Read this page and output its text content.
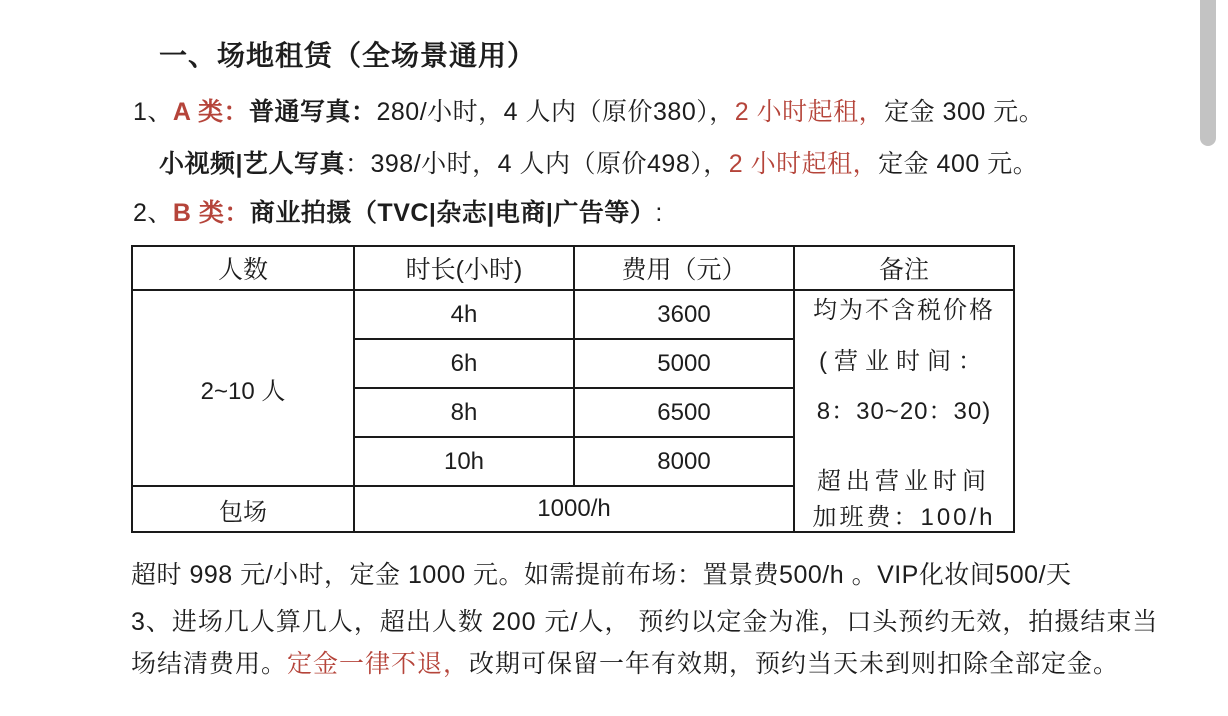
一、场地租赁（全场景通用）
1、A 类：普通写真：280/小时，4 人内（原价380），2 小时起租，定金 300 元。
小视频|艺人写真：398/小时，4 人内（原价498），2 小时起租，定金 400 元。
2、B 类：商业拍摄（TVC|杂志|电商|广告等）:
人数	时长(小时)	费用（元）	备注
2~10 人	4h	3600	均为不含税价格
(营业时间：
8：30~20：30)
超出营业时间
加班费：100/h

	6h	5000	
	8h	6500	
	10h	8000	
包场	1000/h		
超时 998 元/小时，定金 1000 元。如需提前布场：置景费500/h 。VIP化妆间500/天
3、进场几人算几人，超出人数 200 元/人， 预约以定金为准，口头预约无效，拍摄结束当
场结清费用。定金一律不退，改期可保留一年有效期，预约当天未到则扣除全部定金。
